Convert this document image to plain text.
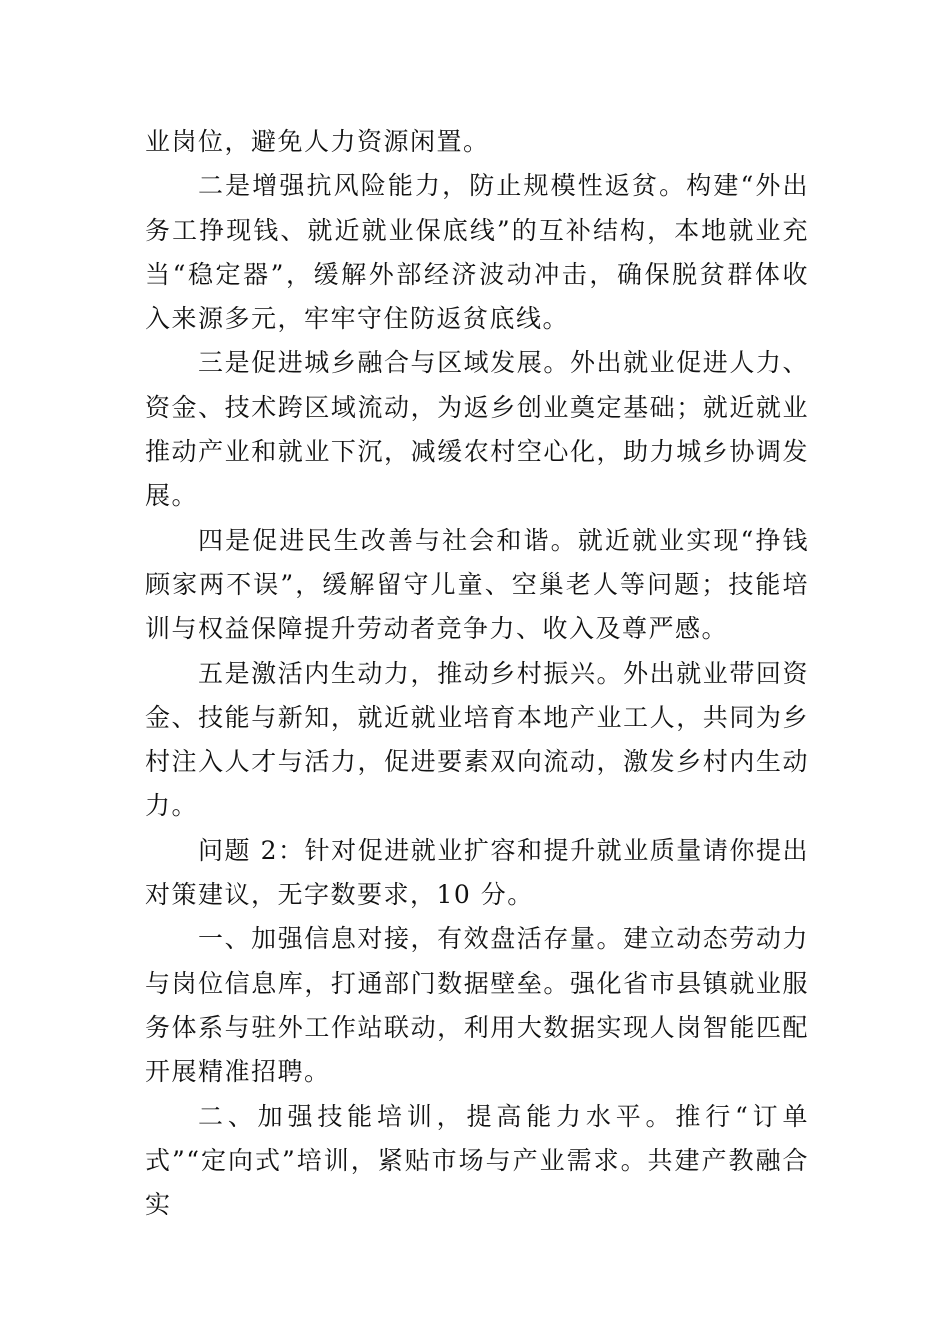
业岗位，避免人力资源闲置。

二是增强抗风险能力，防止规模性返贫。构建“外出务工挣现钱、就近就业保底线”的互补结构，本地就业充当“稳定器”，缓解外部经济波动冲击，确保脱贫群体收入来源多元，牢牢守住防返贫底线。

三是促进城乡融合与区域发展。外出就业促进人力、资金、技术跨区域流动，为返乡创业奠定基础；就近就业推动产业和就业下沉，减缓农村空心化，助力城乡协调发展。

四是促进民生改善与社会和谐。就近就业实现“挣钱顾家两不误”，缓解留守儿童、空巢老人等问题；技能培训与权益保障提升劳动者竞争力、收入及尊严感。

五是激活内生动力，推动乡村振兴。外出就业带回资金、技能与新知，就近就业培育本地产业工人，共同为乡村注入人才与活力，促进要素双向流动，激发乡村内生动力。

问题 2：针对促进就业扩容和提升就业质量请你提出对策建议，无字数要求，10 分。

一、加强信息对接，有效盘活存量。建立动态劳动力与岗位信息库，打通部门数据壁垒。强化省市县镇就业服务体系与驻外工作站联动，利用大数据实现人岗智能匹配开展精准招聘。

二、加强技能培训，提高能力水平。推行“订单式”“定向式”培训，紧贴市场与产业需求。共建产教融合实
